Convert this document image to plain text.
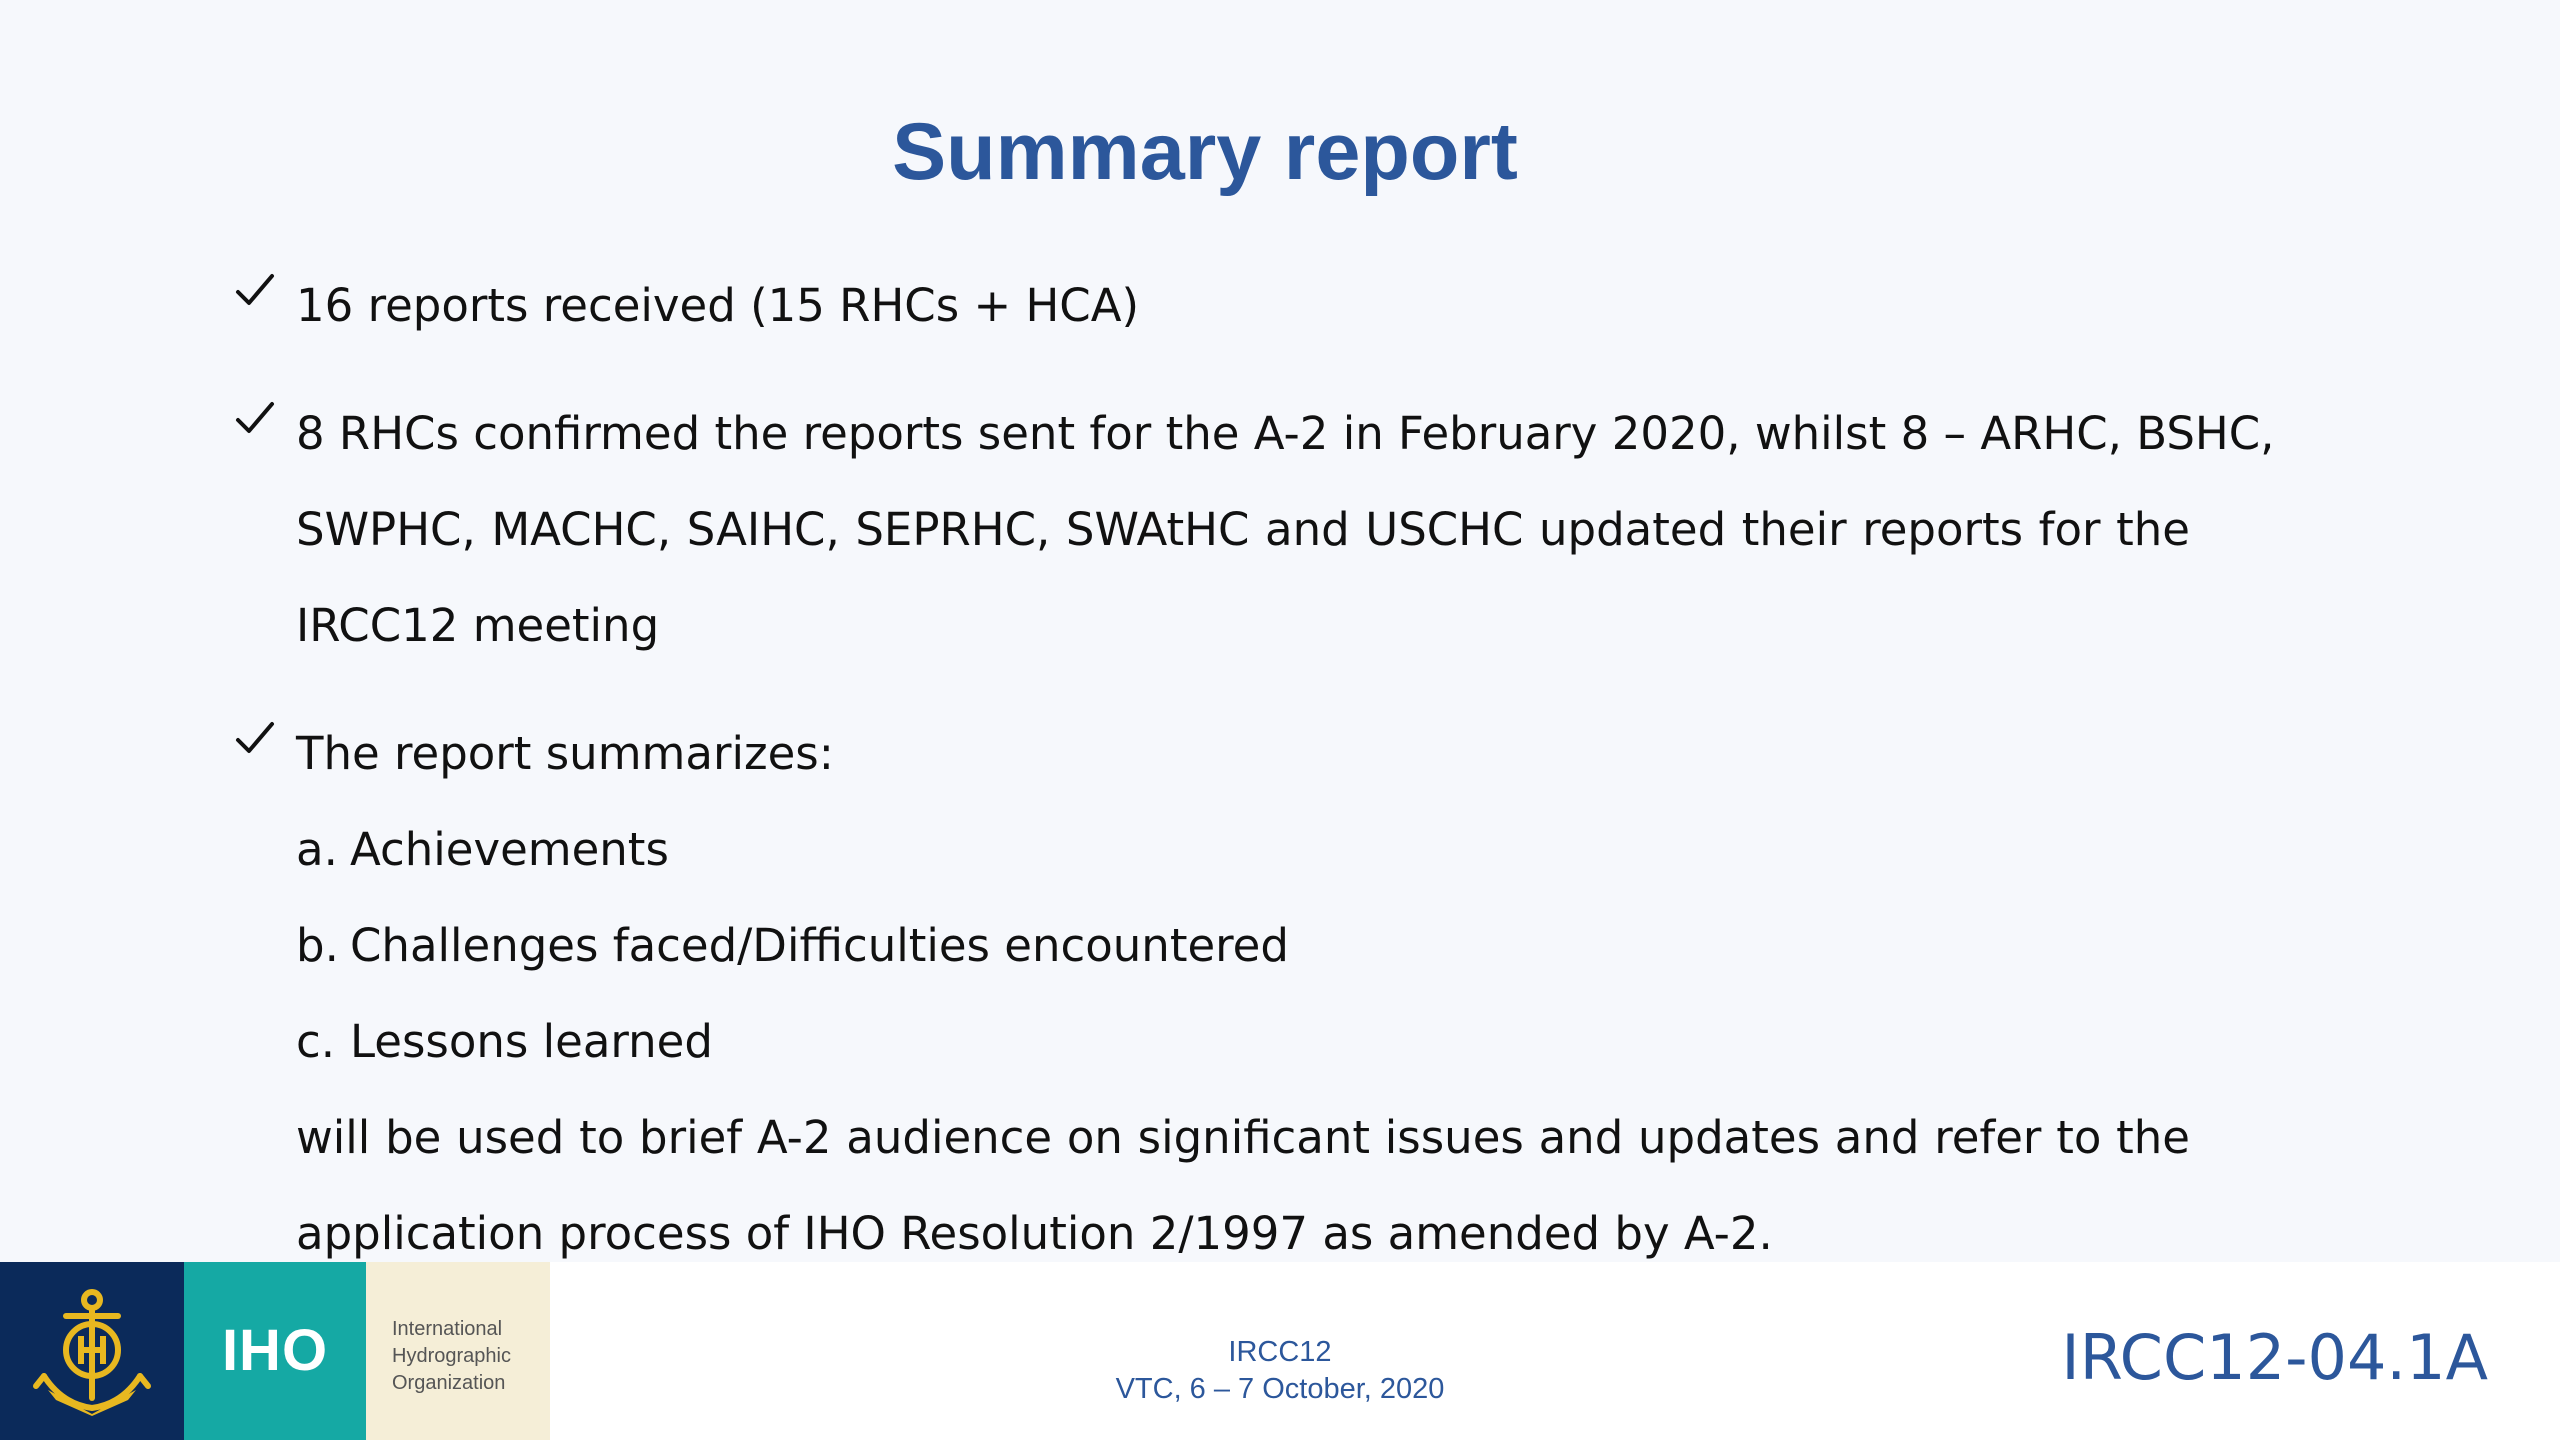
Summary report
16 reports received (15 RHCs + HCA)
8 RHCs confirmed the reports sent for the A-2 in February 2020, whilst 8 – ARHC, BSHC,
SWPHC, MACHC, SAIHC, SEPRHC, SWAtHC and USCHC updated their reports for the
IRCC12 meeting
The report summarizes:
a. Achievements
b. Challenges faced/Difficulties encountered
c. Lessons learned
will be used to brief A-2 audience on significant issues and updates and refer to the
application process of IHO Resolution 2/1997 as amended by A-2.
IHO	International
Hydrographic
Organization
IRCC12
VTC, 6 – 7 October, 2020	IRCC12-04.1A
